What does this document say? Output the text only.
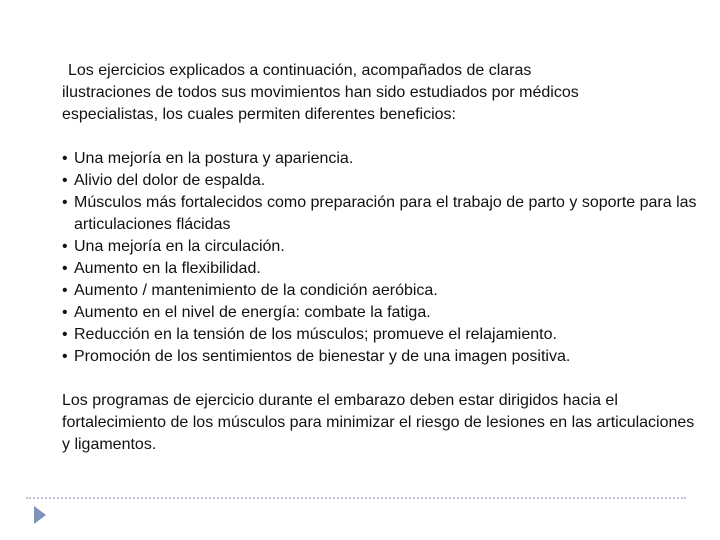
Los ejercicios explicados a continuación, acompañados de claras
ilustraciones de todos sus movimientos han sido estudiados por médicos
especialistas, los cuales permiten diferentes beneficios:

• Una mejoría en la postura y apariencia.
• Alivio del dolor de espalda.
• Músculos más fortalecidos como preparación para el trabajo de parto y soporte para las articulaciones flácidas
• Una mejoría en la circulación.
• Aumento en la flexibilidad.
• Aumento / mantenimiento de la condición aeróbica.
• Aumento en el nivel de energía: combate la fatiga.
• Reducción en la tensión de los músculos; promueve el relajamiento.
• Promoción de los sentimientos de bienestar y de una imagen positiva.

Los programas de ejercicio durante el embarazo deben estar dirigidos hacia el fortalecimiento de los músculos para minimizar el riesgo de lesiones en las articulaciones y ligamentos.
